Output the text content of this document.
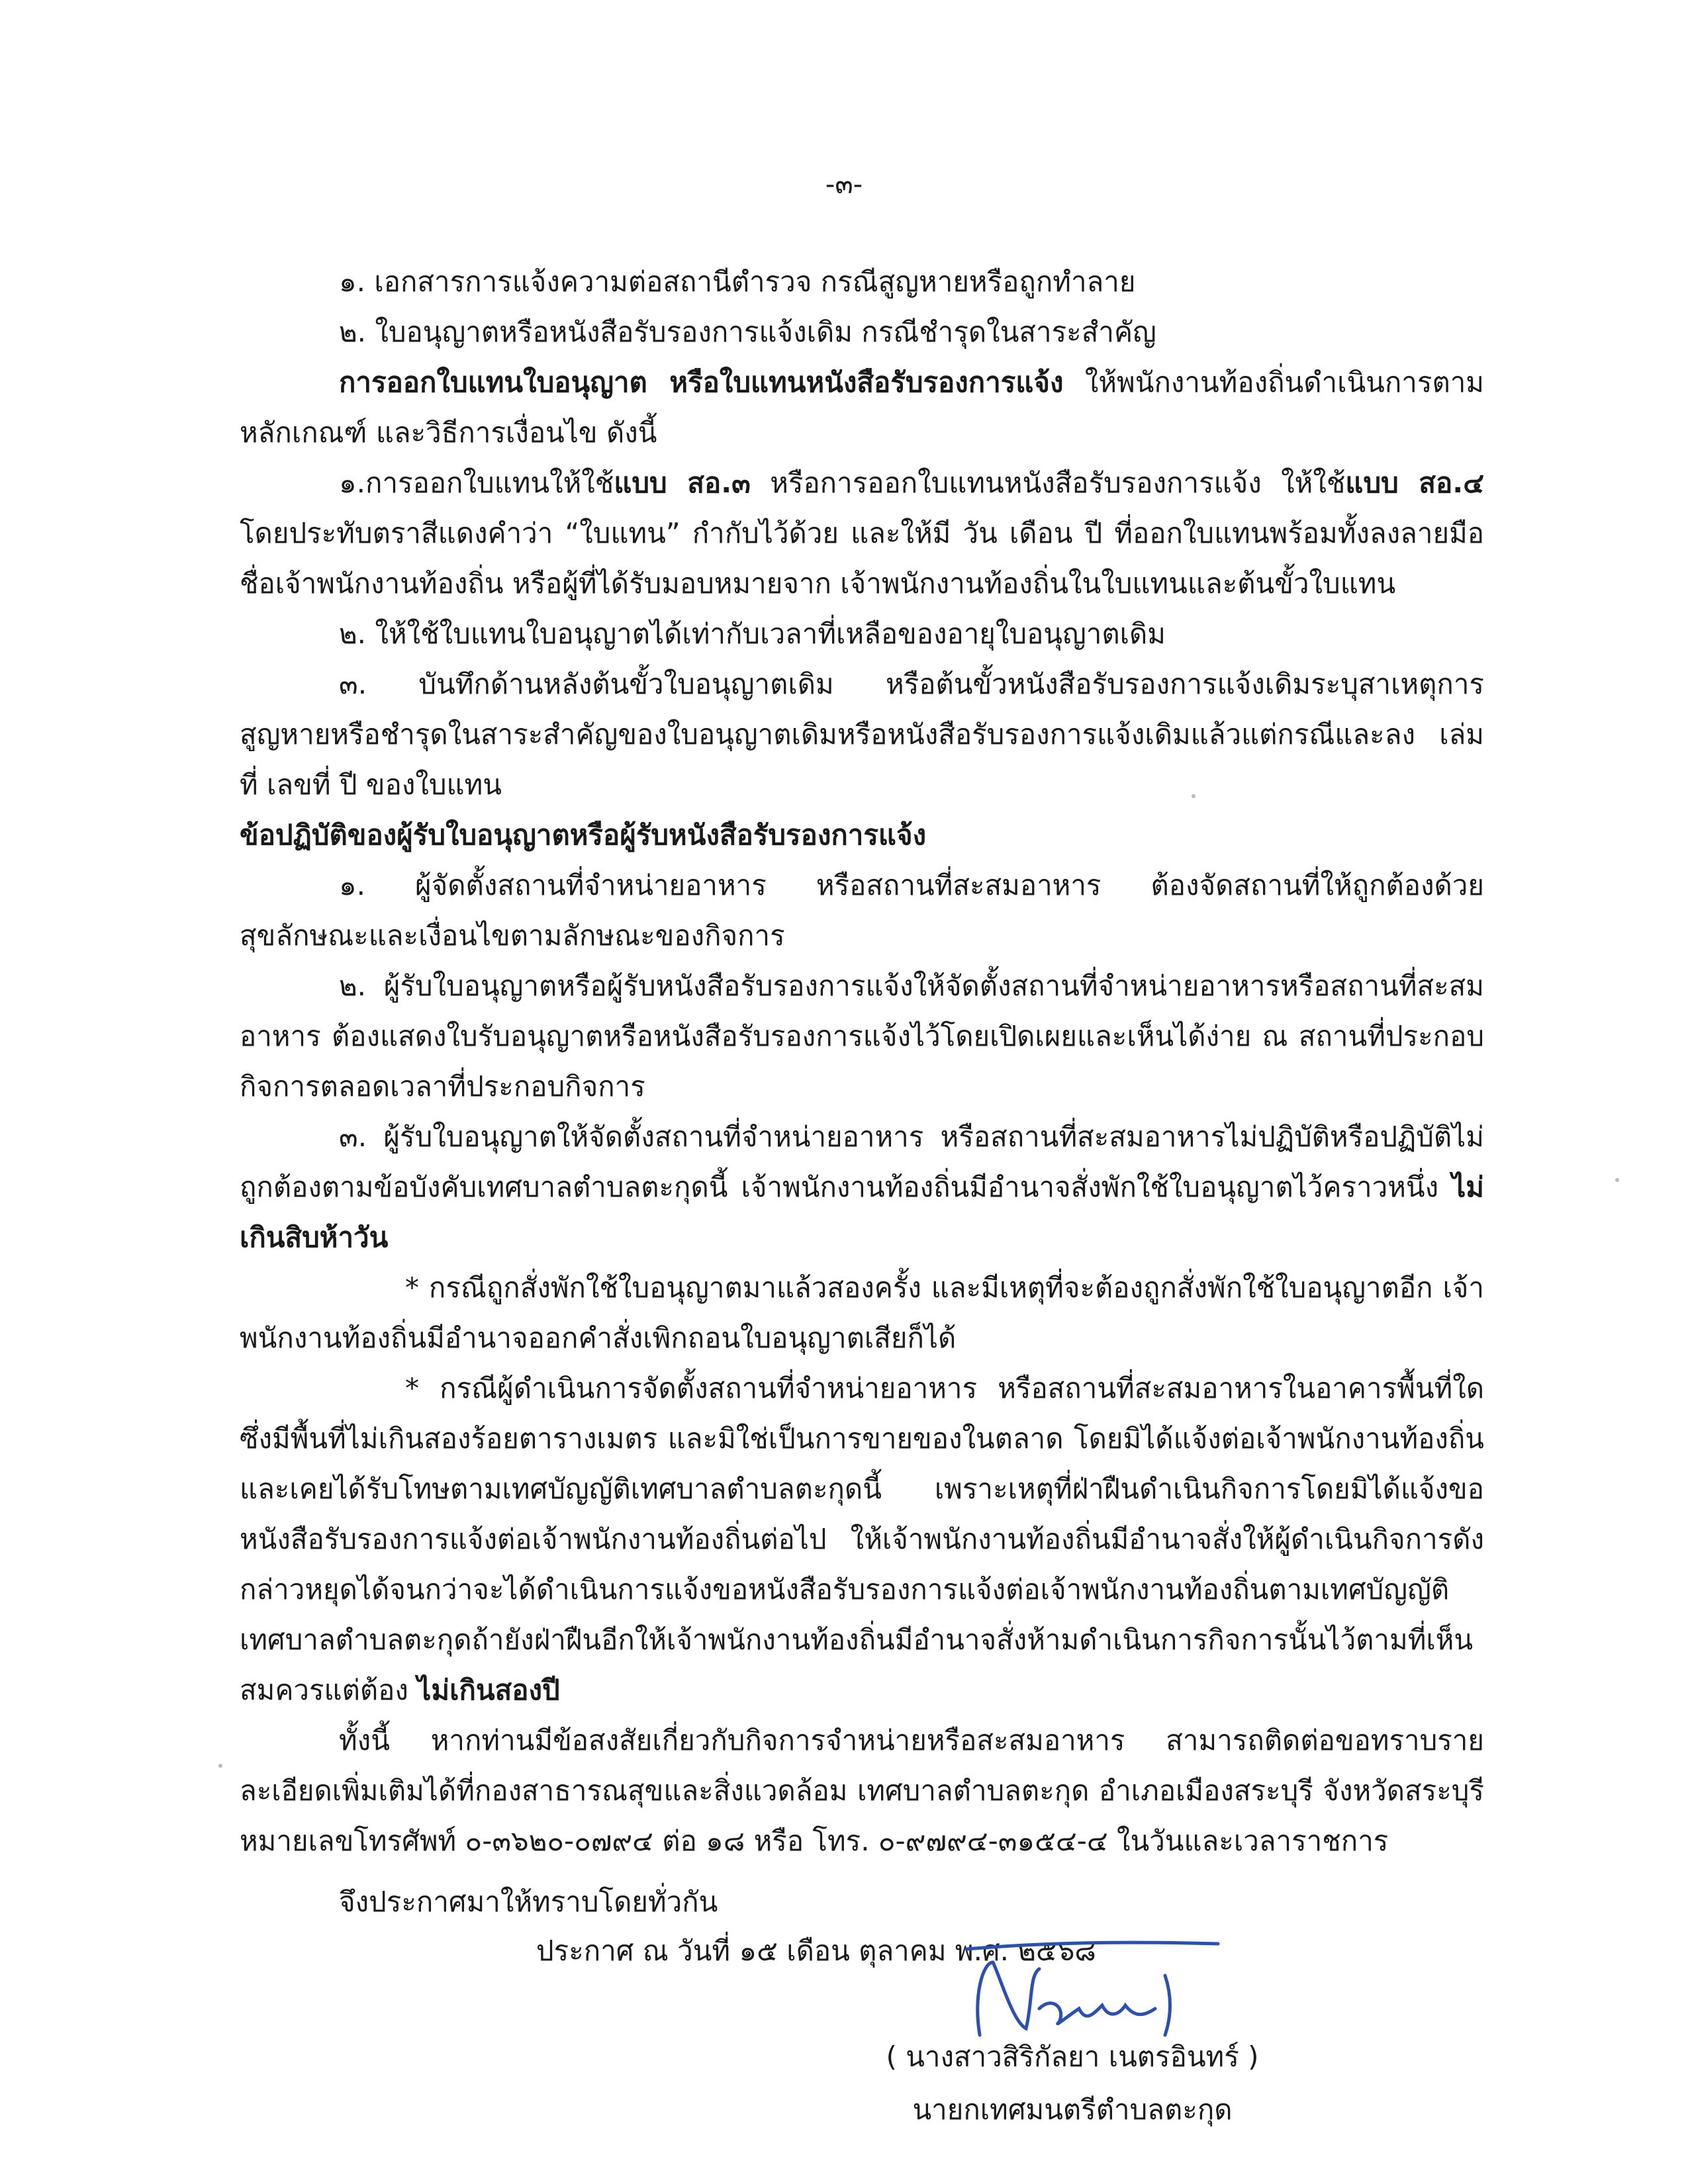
-๓-

๑. เอกสารการแจ้งความต่อสถานีตำรวจ กรณีสูญหายหรือถูกทำลาย

๒. ใบอนุญาตหรือหนังสือรับรองการแจ้งเดิม กรณีชำรุดในสาระสำคัญ

การออกใบแทนใบอนุญาต หรือใบแทนหนังสือรับรองการแจ้ง ให้พนักงานท้องถิ่นดำเนินการตามหลักเกณฑ์ และวิธีการเงื่อนไข ดังนี้

๑.การออกใบแทนให้ใช้แบบ สอ.๓ หรือการออกใบแทนหนังสือรับรองการแจ้ง ให้ใช้แบบ สอ.๔ โดยประทับตราสีแดงคำว่า “ใบแทน” กำกับไว้ด้วย และให้มี วัน เดือน ปี ที่ออกใบแทนพร้อมทั้งลงลายมือชื่อเจ้าพนักงานท้องถิ่น หรือผู้ที่ได้รับมอบหมายจาก เจ้าพนักงานท้องถิ่นในใบแทนและต้นขั้วใบแทน

๒. ให้ใช้ใบแทนใบอนุญาตได้เท่ากับเวลาที่เหลือของอายุใบอนุญาตเดิม

๓. บันทึกด้านหลังต้นขั้วใบอนุญาตเดิม หรือต้นขั้วหนังสือรับรองการแจ้งเดิมระบุสาเหตุการสูญหายหรือชำรุดในสาระสำคัญของใบอนุญาตเดิมหรือหนังสือรับรองการแจ้งเดิมแล้วแต่กรณีและลง เล่มที่ เลขที่ ปี ของใบแทน

ข้อปฏิบัติของผู้รับใบอนุญาตหรือผู้รับหนังสือรับรองการแจ้ง

๑. ผู้จัดตั้งสถานที่จำหน่ายอาหาร หรือสถานที่สะสมอาหาร ต้องจัดสถานที่ให้ถูกต้องด้วยสุขลักษณะและเงื่อนไขตามลักษณะของกิจการ

๒. ผู้รับใบอนุญาตหรือผู้รับหนังสือรับรองการแจ้งให้จัดตั้งสถานที่จำหน่ายอาหารหรือสถานที่สะสมอาหาร ต้องแสดงใบรับอนุญาตหรือหนังสือรับรองการแจ้งไว้โดยเปิดเผยและเห็นได้ง่าย ณ สถานที่ประกอบกิจการตลอดเวลาที่ประกอบกิจการ

๓. ผู้รับใบอนุญาตให้จัดตั้งสถานที่จำหน่ายอาหาร หรือสถานที่สะสมอาหารไม่ปฏิบัติหรือปฏิบัติไม่ถูกต้องตามข้อบังคับเทศบาลตำบลตะกุดนี้ เจ้าพนักงานท้องถิ่นมีอำนาจสั่งพักใช้ใบอนุญาตไว้คราวหนึ่ง ไม่เกินสิบห้าวัน

* กรณีถูกสั่งพักใช้ใบอนุญาตมาแล้วสองครั้ง และมีเหตุที่จะต้องถูกสั่งพักใช้ใบอนุญาตอีก เจ้าพนักงานท้องถิ่นมีอำนาจออกคำสั่งเพิกถอนใบอนุญาตเสียก็ได้

* กรณีผู้ดำเนินการจัดตั้งสถานที่จำหน่ายอาหาร หรือสถานที่สะสมอาหารในอาคารพื้นที่ใด ซึ่งมีพื้นที่ไม่เกินสองร้อยตารางเมตร และมิใช่เป็นการขายของในตลาด โดยมิได้แจ้งต่อเจ้าพนักงานท้องถิ่น และเคยได้รับโทษตามเทศบัญญัติเทศบาลตำบลตะกุดนี้ เพราะเหตุที่ฝ่าฝืนดำเนินกิจการโดยมิได้แจ้งขอหนังสือรับรองการแจ้งต่อเจ้าพนักงานท้องถิ่นต่อไป ให้เจ้าพนักงานท้องถิ่นมีอำนาจสั่งให้ผู้ดำเนินกิจการดังกล่าวหยุดได้จนกว่าจะได้ดำเนินการแจ้งขอหนังสือรับรองการแจ้งต่อเจ้าพนักงานท้องถิ่นตามเทศบัญญัติเทศบาลตำบลตะกุดถ้ายังฝ่าฝืนอีกให้เจ้าพนักงานท้องถิ่นมีอำนาจสั่งห้ามดำเนินการกิจการนั้นไว้ตามที่เห็นสมควรแต่ต้อง ไม่เกินสองปี

ทั้งนี้ หากท่านมีข้อสงสัยเกี่ยวกับกิจการจำหน่ายหรือสะสมอาหาร สามารถติดต่อขอทราบรายละเอียดเพิ่มเติมได้ที่กองสาธารณสุขและสิ่งแวดล้อม เทศบาลตำบลตะกุด อำเภอเมืองสระบุรี จังหวัดสระบุรี หมายเลขโทรศัพท์ ๐-๓๖๒๐-๐๗๙๔ ต่อ ๑๘ หรือ โทร. ๐-๙๗๙๔-๓๑๕๔-๔ ในวันและเวลาราชการ

จึงประกาศมาให้ทราบโดยทั่วกัน

ประกาศ ณ วันที่ ๑๕ เดือน ตุลาคม พ.ศ. ๒๕๖๘
( นางสาวสิริกัลยา เนตรอินทร์ )
นายกเทศมนตรีตำบลตะกุด
